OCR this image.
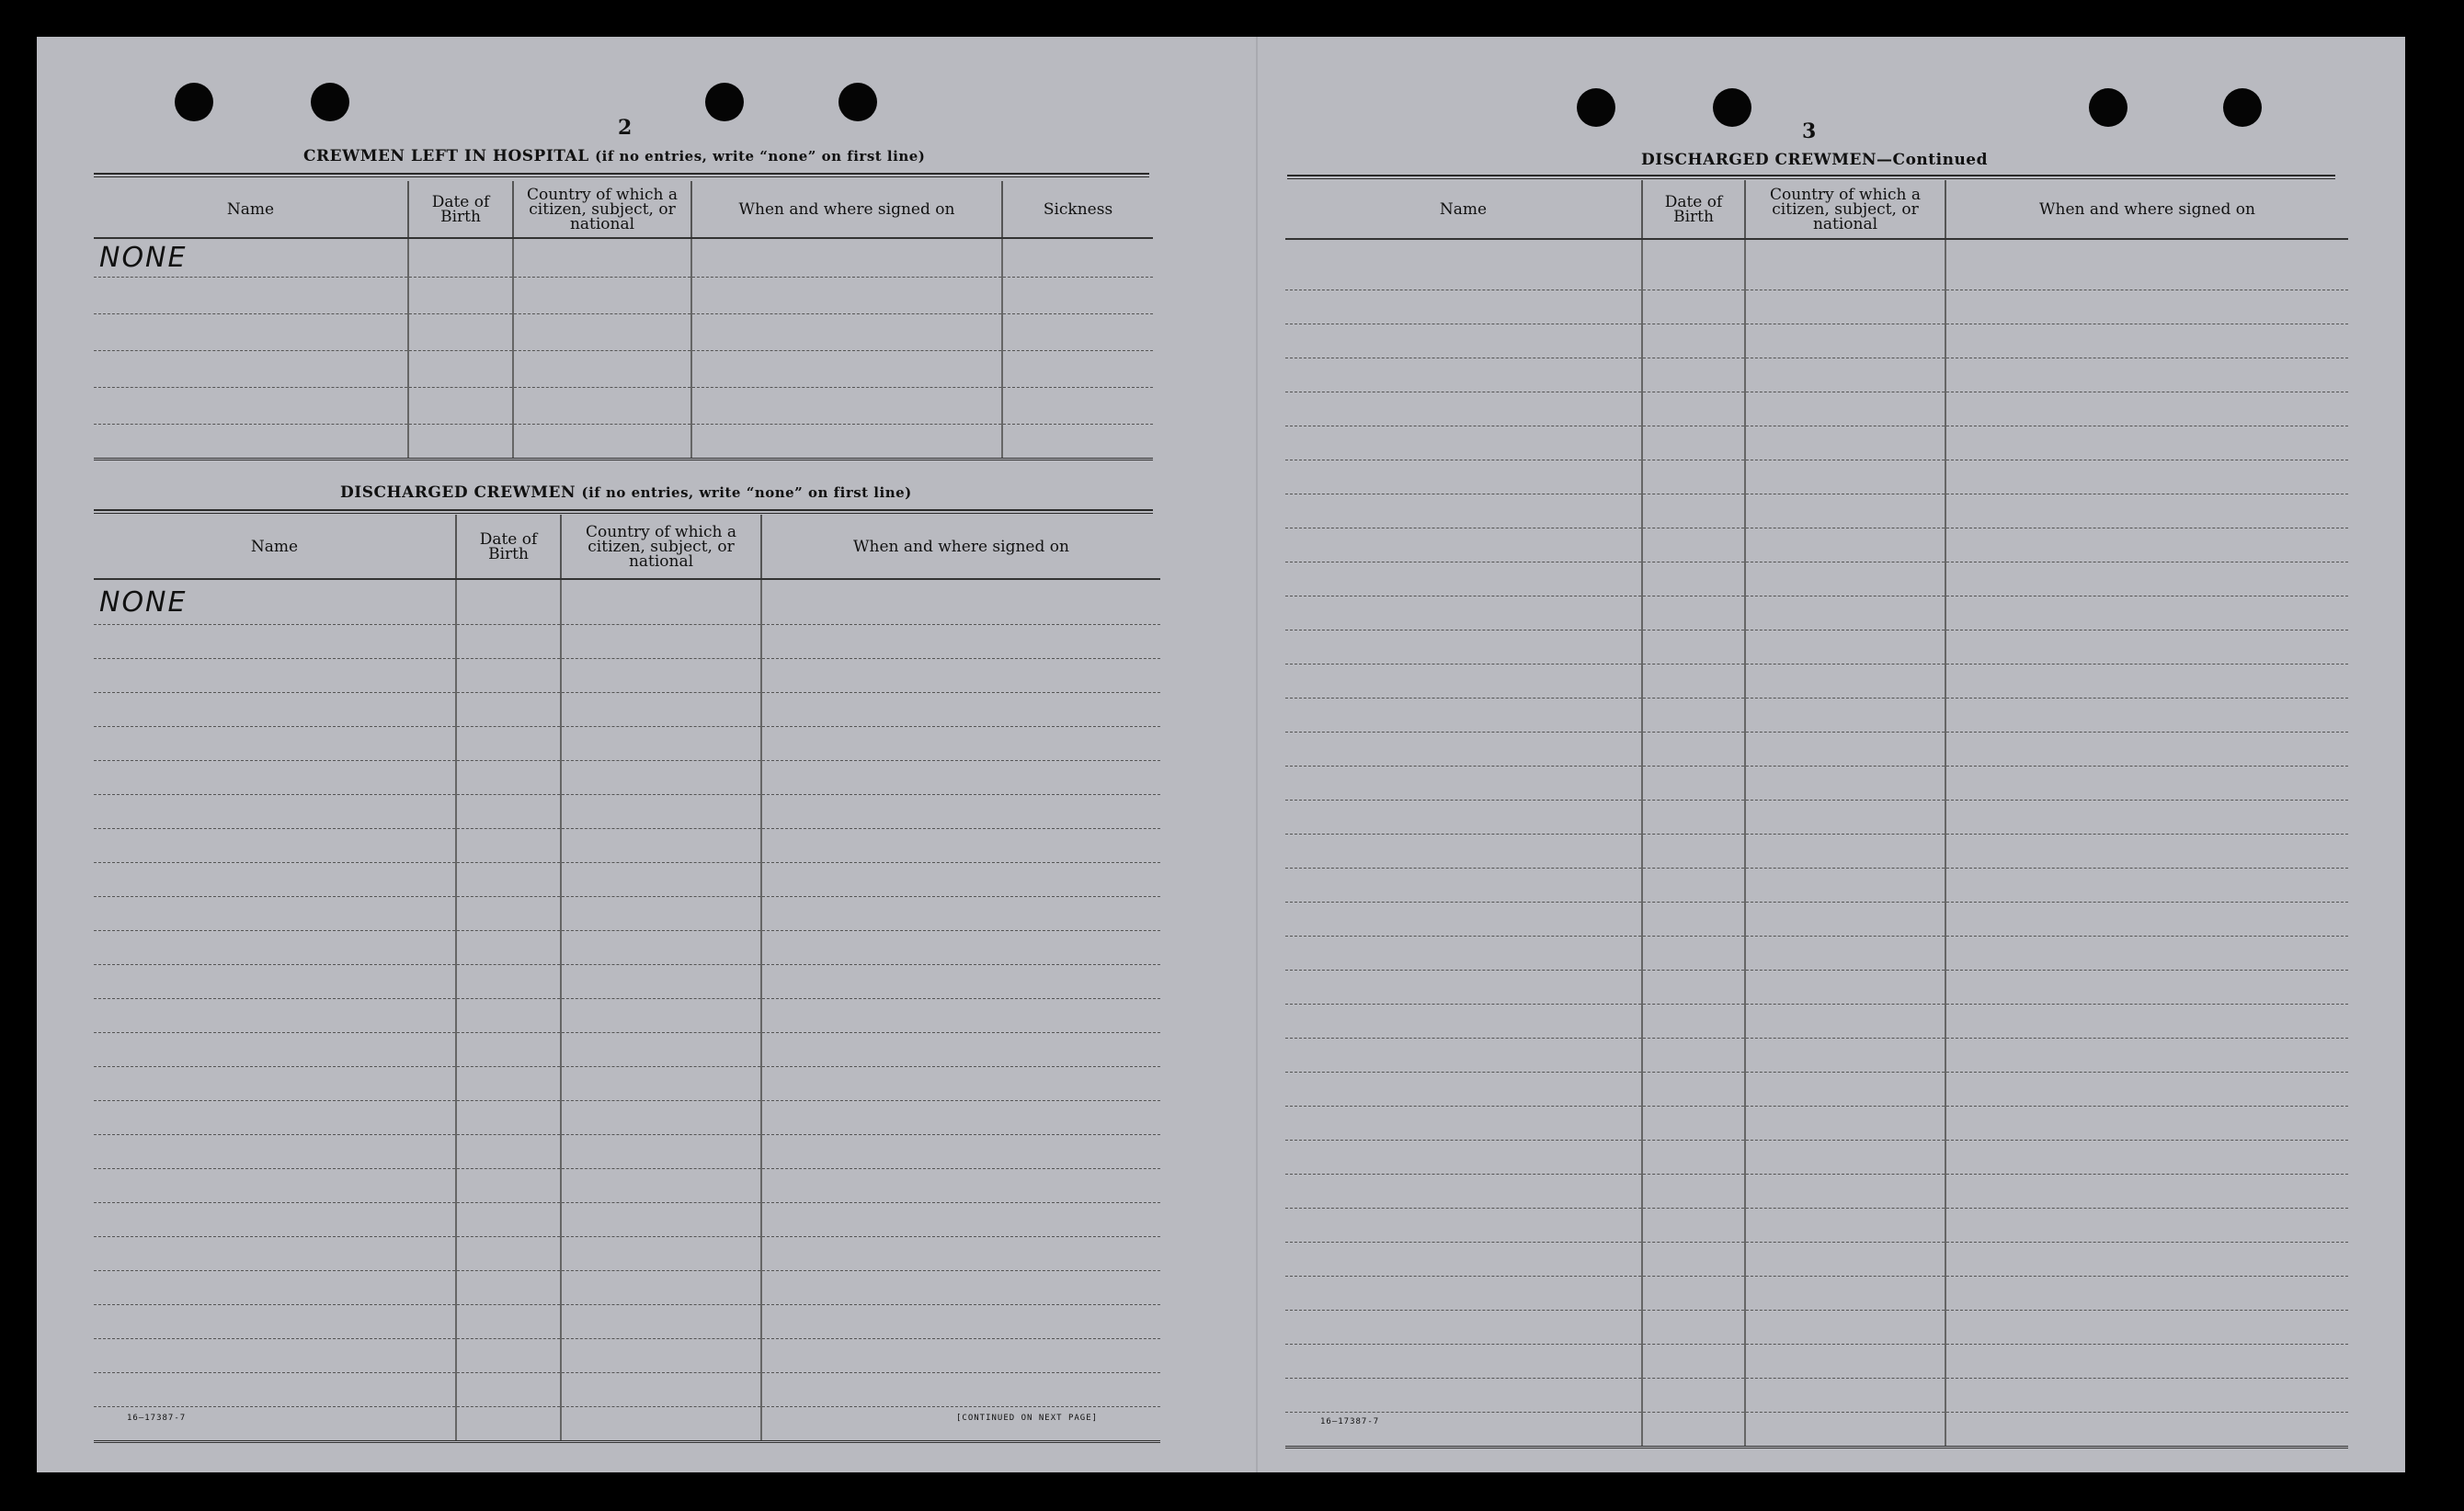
2
CREWMEN LEFT IN HOSPITAL (if no entries, write “none” on first line)
Name	Date of Birth	Country of which a citizen, subject, or national	When and where signed on	Sickness
NONE				

DISCHARGED CREWMEN (if no entries, write “none” on first line)
Name	Date of Birth	Country of which a citizen, subject, or national	When and where signed on
NONE			

16—17387-7	[CONTINUED ON NEXT PAGE]
3
DISCHARGED CREWMEN—Continued
Name	Date of Birth	Country of which a citizen, subject, or national	When and where signed on

16—17387-7
